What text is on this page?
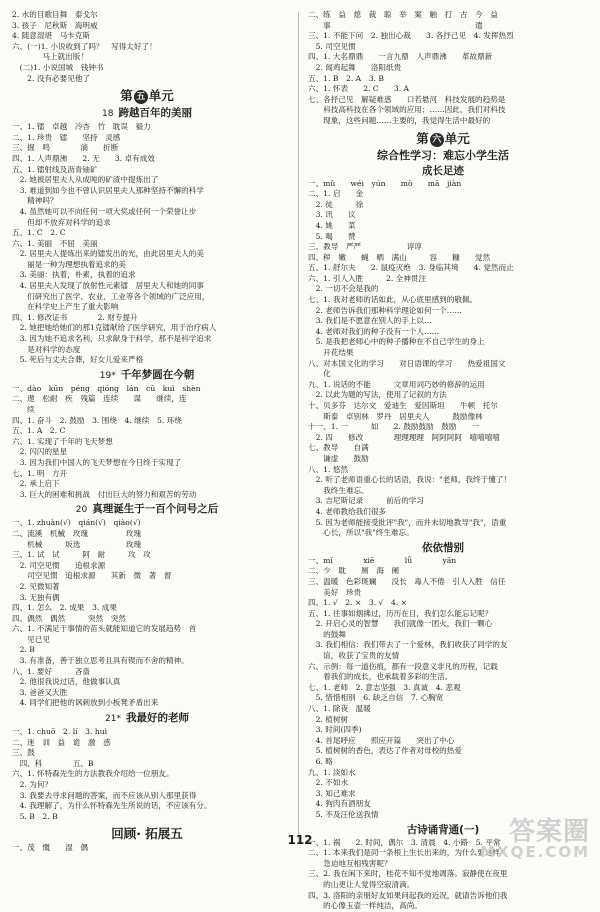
2. 水的目歌目舞　泰戈尔
3. 孩子　尼秋斯　海明威
4. 随意湿堪　马卡克斯
六、(一)1. 小说收到了吗？　写得太好了！
　　　　马上就出版！
　(二)1. 小说国城　钱钟书
　　2. 没有必要见他了
第 五 单元
18 跨越百年的美丽
一、1. 镭　卓越　冷杏　竹　耽误　毅力
二、1. 珍贵　镭　　坚持　灵感
三、掘　鸣　　　　淌　　折断
四、1. 人声鼎沸　　2. 无　　3. 卓有成效
五、1. 镭射线及沥青铀矿
　2. 她被居里夫人从成吨的矿渣中提炼出了
　3. 难道到如今也不曾认识居里夫人那种坚持不懈的科学
　　精神吗？
　4. 虽然她可以不向任何一项大奖或任何一个荣誉让步
　　但却不放弃对科学的追求
五、1. C　2. C
六、1. 美丽　不屈　美丽
　2. 居里夫人提炼出来的镭发出的光，由此居里夫人的美
　　丽是一种为理想执着追求的美
　3. 美丽：执着，朴素，执着的追求
　4. 居里夫人发现了放射性元素镭　居里夫人和她的同事
　　们研究出了医学、农业、工业等各个领域的广泛应用，
　　在科学史上产生了重大影响
四、1. 修改证书　　　　2. 财专提升
　2. 她把她给她们的那1克镭献给了医学研究，用于治疗病人
　3. 因为她不追求名利，只求献身于科学，那不是科学追求
　　是对科学的态度
　5. 死后与丈夫合葬，好女儿爱来严格
19* 千年梦圆在今朝
一、dào　kūn　péng　qióng　lán　cū　kuì　shèn
二、遨　松耐　疾　残篇　连续　　谋　　继续，连
　　续
四、1. 奋斗　2. 鼓励　3. 围绕　4. 继续　5. 环绕
五、1. A　2. C
六、1. 实现了千年的飞天梦想
　2. 闪闪的星星
　3. 因为我们中国人的飞天梦想在今日终于实现了
七、1. 明　方开
　2. 承上启下
　3. 巨大的困难和挑战　付出巨大的努力和艰苦的劳动
20 真理诞生于一百个问号之后
一、1. zhuàn(√)　qián(√)　qiào(√)
二、流溪　机械　玫瑰　　　　　玫瑰
　　机械　　　坂选　　　　　　玫瑰
三、1. 试　试　　　阿　耐　　　攻　攻
　2. 司空见惯　　追根求源
　　司空见惯　追根求源　　其新　微　著　督
　2. 见微知著
　3. 无独有偶
四、1. 怎么　2. 成果　3. 成果
四、偶然　偶然　　　突然　突然
六、1. 不满足于事情的苗头就能知道它的发展趋势　首
　　见已见
　2. B
　3. 有准备，善于独立思考且具有锲而不舍的精神。
八、1. 要好　　　吝啬
　2. 他很我说过话，他做事认真
　3. 爸爸又大胜　　　　　　　
　4. 同学们把他的讽刺放到小板凳矛盾出来
21* 我最好的老师
一、1. chuō　2. lí　3. huì
二、迷　训　益　诡　激　惑
三、鼓　　　　　　　　　　　　　　　　　　
　四、科　　　　五、B
六、1. 怀特森先生的方法教我介绍给一位朋友。
　2. 为何？
　3. 我要去寻求问题的答案，而不应该从别人那里获得
　4. 我理解了，为什么怀特森先生所说的话，不应该有分。
　5. B　2. B
回顾· 拓展五
一、茂　慨　　湿　偶
二、练　益　熄　裁　聪　举　案　触　打　古　今　益
　　事　　　　　　　　　　　　　　　　　　　遣
三、1. 不能下问　2. 独出心裁　　3. 各抒己见　4. 发挥热烈
　5. 司空见惯
四、1. 大名鼎鼎　　一言九鼎　人声鼎沸　　革故鼎新
　2. 闻鸡起舞　　洛阳纸贵
五、1. B　2. A　3. B
六、1. 怀表　　2. C　　3. A
七、各抒己见　解疑难惑　　口若悬河　科技发展的趋势是
　　科技高科技在各个领域的应用；……因此，我们对科技
　　现象，这些问题……主要的，我觉得生活中最好的
第 六 单元
综合性学习：难忘小学生活
成长足迹
一、mǔ　　wéi　yún　　mò　　mā　jiàn
二、1. 启　　金
　2. 徒　　　徐
　3. 讯　　议
　4. 姚　　菜
　5. 喝　　赞
三、教导　严严　　　　　　谆谆
四、秽　嫩　　蝇　晒　满山　　　容　　糠　　觉然
五、1. 舒尔夫　　2. 鼠疫灭绝　3. 身临其境　　4. 觉然而止
六、1. 引人入胜　　　2. 全神贯注
　2. 一切不会是我的
七、1. 我对老师的话如此，从心底里感到的敬佩。
　2. 老师告诉我们那种科学理论如何一个……
　3. 我们是不愿意在别人的手上以…
　4. 老师对我们的种子没有一个人……
　5. 是我把老师心中的种子播种在不自己学生的身上
　　开花结果
八、对本国文化的学习　　对日语课的学习　　热爱祖国文
　　化
九、1. 说话的不能　　　文章用词巧妙的修辞的运用
　2. 以此为题的写法，使用了记叙的方法
十、贝多芬　达尔文　爱迪生　爱因斯坦　　牛顿　托尔
　　斯泰　卓别林　罗丹　居里夫人　　　鼓励像林
十一、1. 一　　　如　　2. 鼓励鼓励　鼓励　　一
　2. 四　　修改　　　　理理理理　阿阿阿阿　嘻嘻嘻嘻
七、教导　　自满
　　谦虚　　鼓励
八、1. 悠然
　2. 听了老师语重心长的话语，我说："老师，我终于懂了！
　　我终生难忘。
　3. 吉尼斯记录　　　前后的学习
　4. 老师教给我们很多
　5. 因为老师能接受批评"我"，而并未切地教导"我"，语重
　　心长，所以"我"终生难忘。
依依惜别
一、mǐ　　　　xiē　　　　lǚ　　　　yān
二、少　耽　　厕　海　阑
三、温暖　色彩斑斓　　没长　毒人不倦　引人入胜　信任
　　美好　珍贵
四、1. √　2. ×　3. √　4. ×
五、1. 往事如烟拂过，历历在目，我们怎么能忘记呢？
　2. 开启心灵的智慧　　我们就像一团火，我们一颗心
　　的鼓舞
　3. 我们相信：我们带去了一个爱林，我们收获了同学的友
　　谊，收获了宝贵的友情
六、示例：每一道伤痕，都有一段意义非凡的历程，记载
　　着我们的成长，也承载着多彩的生活。
七、1. 老师　2. 意志坚强　3. 真诚　4. 悲观
　5. 惜惜相别　6. 缺乏自信　7. 心胸宽
八、1. 除夜　温暖
　2. 植树树
　3. 时间(四季)
　4. 首尾呼应　　照应开篇　　突出了中心
　5. 植树树的香色，表达了作者对母校的热爱
　6. 略
九、1. 淡如水
　2. 不如水
　3. 知己难求
　4. 狗肉有酒朋友
　5. 不及汪伦送我情
古诗诵背通(一)
一、1. 祸　　2. 时间，偶尔　3. 清晨　4. 小路　5. 平常
二、1. 本来我们是同一条根上生长出来的，为什么要这样
　　急迫地互相残害呢？
三、2. 我在闲下来时，桂花不知不觉地凋落。寂静使在夜里
　　的山更让人觉得空寂清滴。
四、3. 洛阳的亲朋好友如果问起我的近况，就请告诉他们我
　　的心像玉壶一样纯洁，高尚。
112	答案圈
MXQE.COM
